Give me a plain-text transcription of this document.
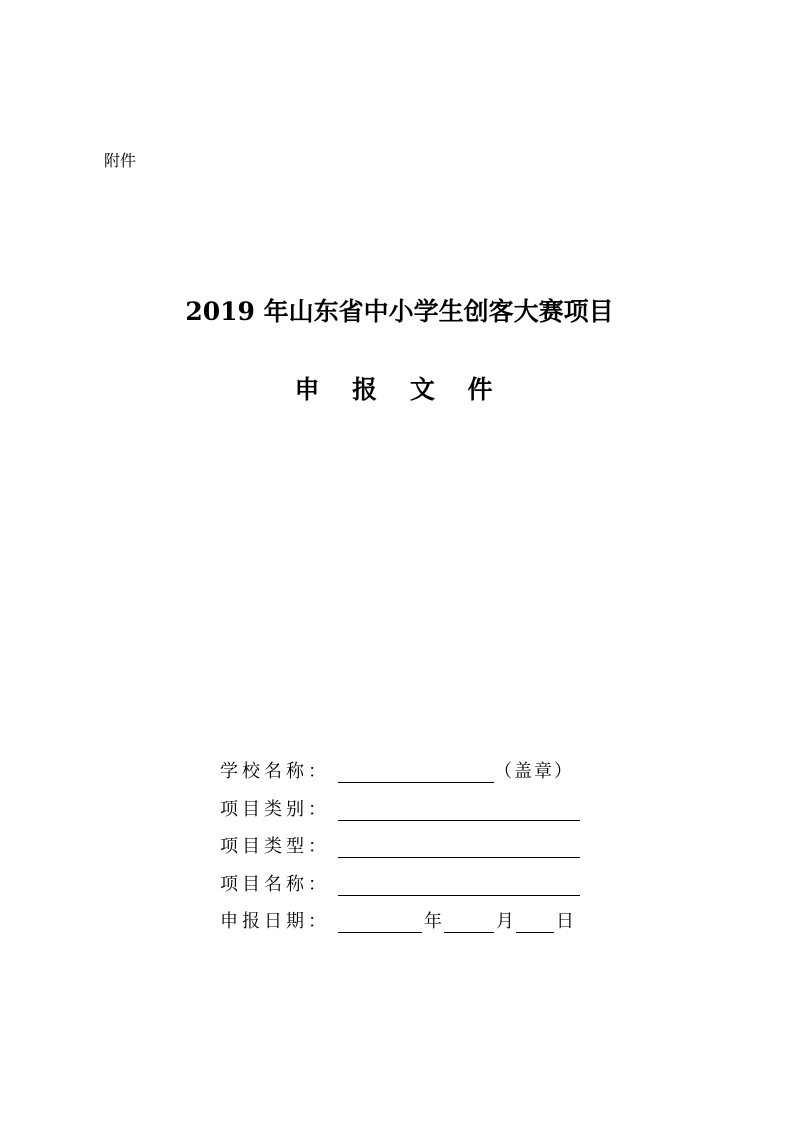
附件
2019 年山东省中小学生创客大赛项目
申 报 文 件
学校名称：	（盖章）
项目类别：
项目类型：
项目名称：
申报日期：	年	月 日
